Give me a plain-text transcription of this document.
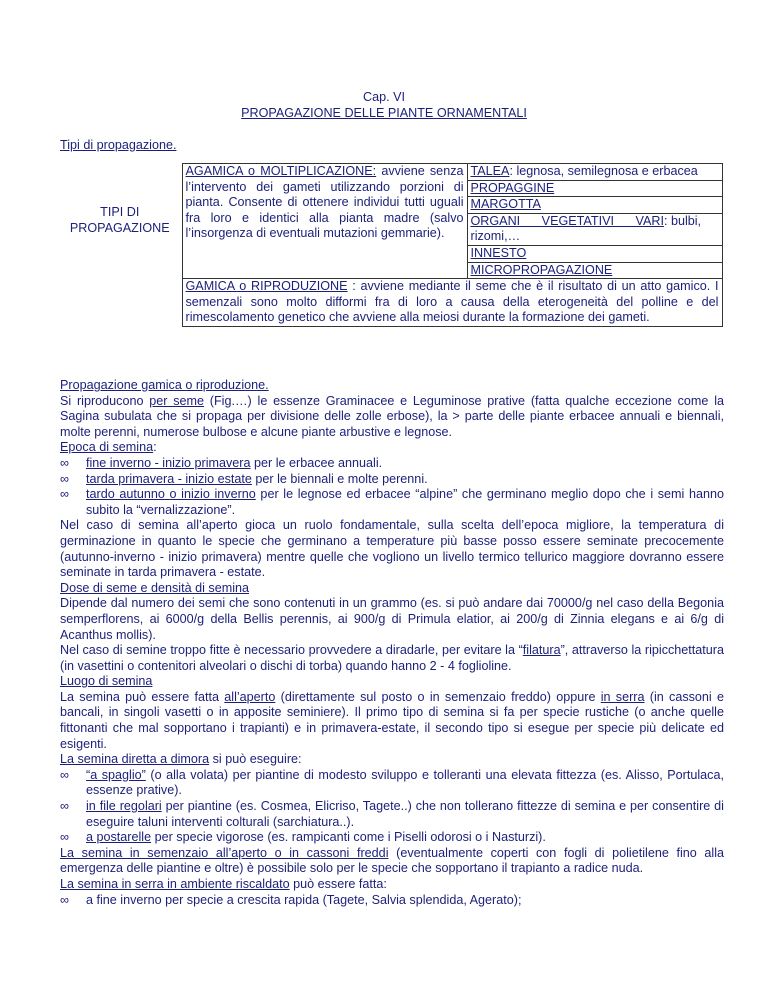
Cap. VI
PROPAGAZIONE DELLE PIANTE ORNAMENTALI
Tipi di propagazione.
TIPI DI
PROPAGAZIONE	AGAMICA o MOLTIPLICAZIONE: avviene senza l’intervento dei gameti utilizzando porzioni di pianta. Consente di ottenere individui tutti uguali fra loro e identici alla pianta madre (salvo l’insorgenza di eventuali mutazioni gemmarie).	TALEA: legnosa, semilegnosa e erbacea
		PROPAGGINE
		MARGOTTA
		ORGANI VEGETATIVI VARI: bulbi, rizomi,…
		INNESTO
		MICROPROPAGAZIONE
	GAMICA o RIPRODUZIONE : avviene mediante il seme che è il risultato di un atto gamico. I semenzali sono molto difformi fra di loro a causa della eterogeneità del polline e del rimescolamento genetico che avviene alla meiosi durante la formazione dei gameti.	

Propagazione gamica o riproduzione.

Si riproducono per seme (Fig.…) le essenze Graminacee e Leguminose prative (fatta qualche eccezione come la Sagina subulata che si propaga per divisione delle zolle erbose), la > parte delle piante erbacee annuali e biennali, molte perenni, numerose bulbose e alcune piante arbustive e legnose.

Epoca di semina:

∞ fine inverno - inizio primavera per le erbacee annuali.
∞ tarda primavera - inizio estate per le biennali e molte perenni.
∞ tardo autunno o inizio inverno per le legnose ed erbacee “alpine” che germinano meglio dopo che i semi hanno subito la “vernalizzazione”.

Nel caso di semina all’aperto gioca un ruolo fondamentale, sulla scelta dell’epoca migliore, la temperatura di germinazione in quanto le specie che germinano a temperature più basse posso essere seminate precocemente (autunno-inverno - inizio primavera) mentre quelle che vogliono un livello termico tellurico maggiore dovranno essere seminate in tarda primavera - estate.

Dose di seme e densità di semina

Dipende dal numero dei semi che sono contenuti in un grammo (es. si può andare dai 70000/g nel caso della Begonia semperflorens, ai 6000/g della Bellis perennis, ai 900/g di Primula elatior, ai 200/g di Zinnia elegans e ai 6/g di Acanthus mollis).

Nel caso di semine troppo fitte è necessario provvedere a diradarle, per evitare la “filatura”, attraverso la ripicchettatura (in vasettini o contenitori alveolari o dischi di torba) quando hanno 2 - 4 foglioline.

Luogo di semina

La semina può essere fatta all’aperto (direttamente sul posto o in semenzaio freddo) oppure in serra (in cassoni e bancali, in singoli vasetti o in apposite seminiere). Il primo tipo di semina si fa per specie rustiche (o anche quelle fittonanti che mal sopportano i trapianti) e in primavera-estate, il secondo tipo si esegue per specie più delicate ed esigenti.

La semina diretta a dimora si può eseguire:

∞ “a spaglio” (o alla volata) per piantine di modesto sviluppo e tolleranti una elevata fittezza (es. Alisso, Portulaca, essenze prative).
∞ in file regolari per piantine (es. Cosmea, Elicriso, Tagete..) che non tollerano fittezze di semina e per consentire di eseguire taluni interventi colturali (sarchiatura..).
∞ a postarelle per specie vigorose (es. rampicanti come i Piselli odorosi o i Nasturzi).

La semina in semenzaio all’aperto o in cassoni freddi (eventualmente coperti con fogli di polietilene fino alla emergenza delle piantine e oltre) è possibile solo per le specie che sopportano il trapianto a radice nuda.

La semina in serra in ambiente riscaldato può essere fatta:

∞ a fine inverno per specie a crescita rapida (Tagete, Salvia splendida, Agerato);
